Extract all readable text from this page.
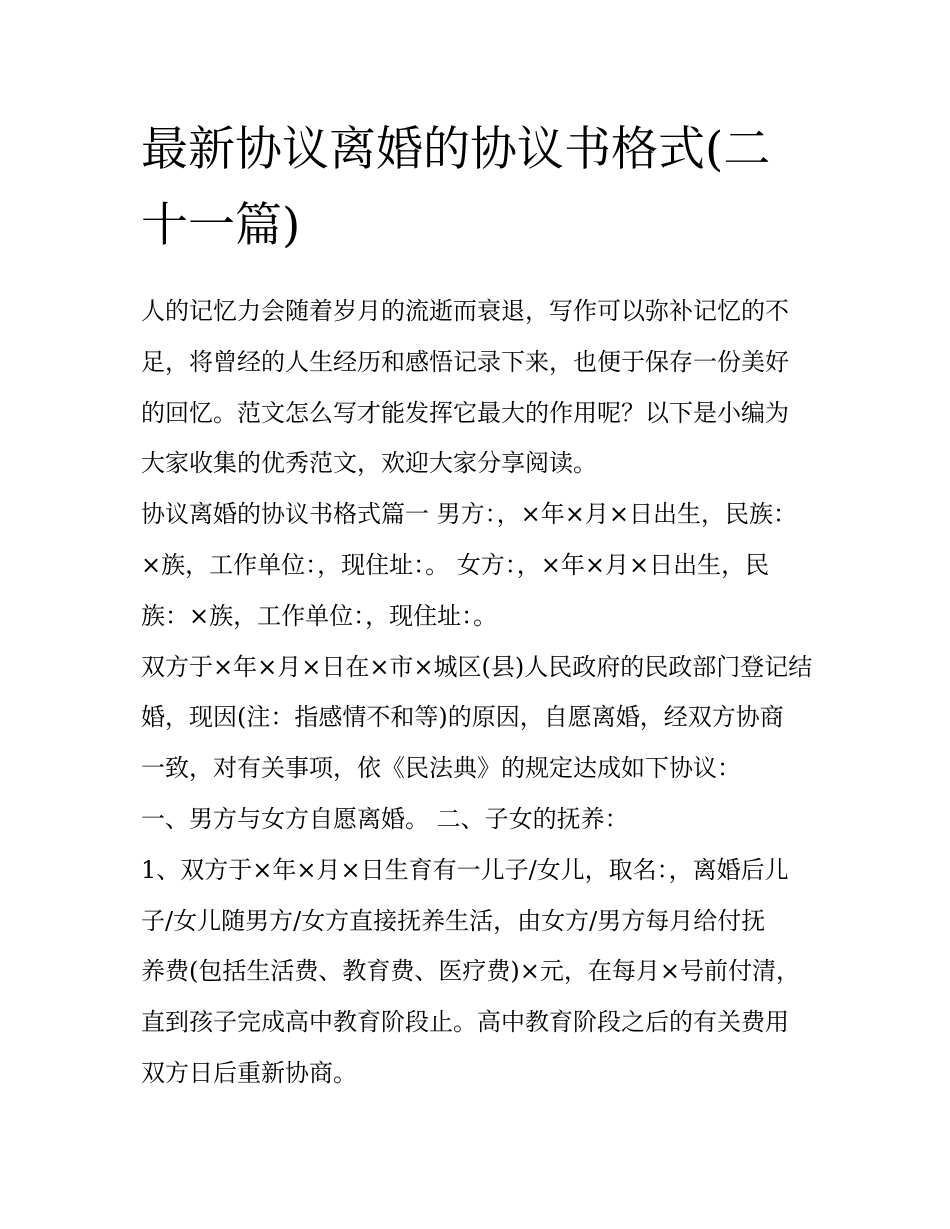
最新协议离婚的协议书格式(二
十一篇)
人的记忆力会随着岁月的流逝而衰退，写作可以弥补记忆的不
足，将曾经的人生经历和感悟记录下来，也便于保存一份美好
的回忆。范文怎么写才能发挥它最大的作用呢？以下是小编为
大家收集的优秀范文，欢迎大家分享阅读。
协议离婚的协议书格式篇一 男方：，×年×月×日出生，民族：
×族，工作单位：，现住址：。 女方：，×年×月×日出生，民
族：×族，工作单位：，现住址：。
双方于×年×月×日在×市×城区(县)人民政府的民政部门登记结
婚，现因(注：指感情不和等)的原因，自愿离婚，经双方协商
一致，对有关事项，依《民法典》的规定达成如下协议：
一、男方与女方自愿离婚。 二、子女的抚养：
1、双方于×年×月×日生育有一儿子/女儿，取名：，离婚后儿
子/女儿随男方/女方直接抚养生活，由女方/男方每月给付抚
养费(包括生活费、教育费、医疗费)×元，在每月×号前付清，
直到孩子完成高中教育阶段止。高中教育阶段之后的有关费用
双方日后重新协商。
